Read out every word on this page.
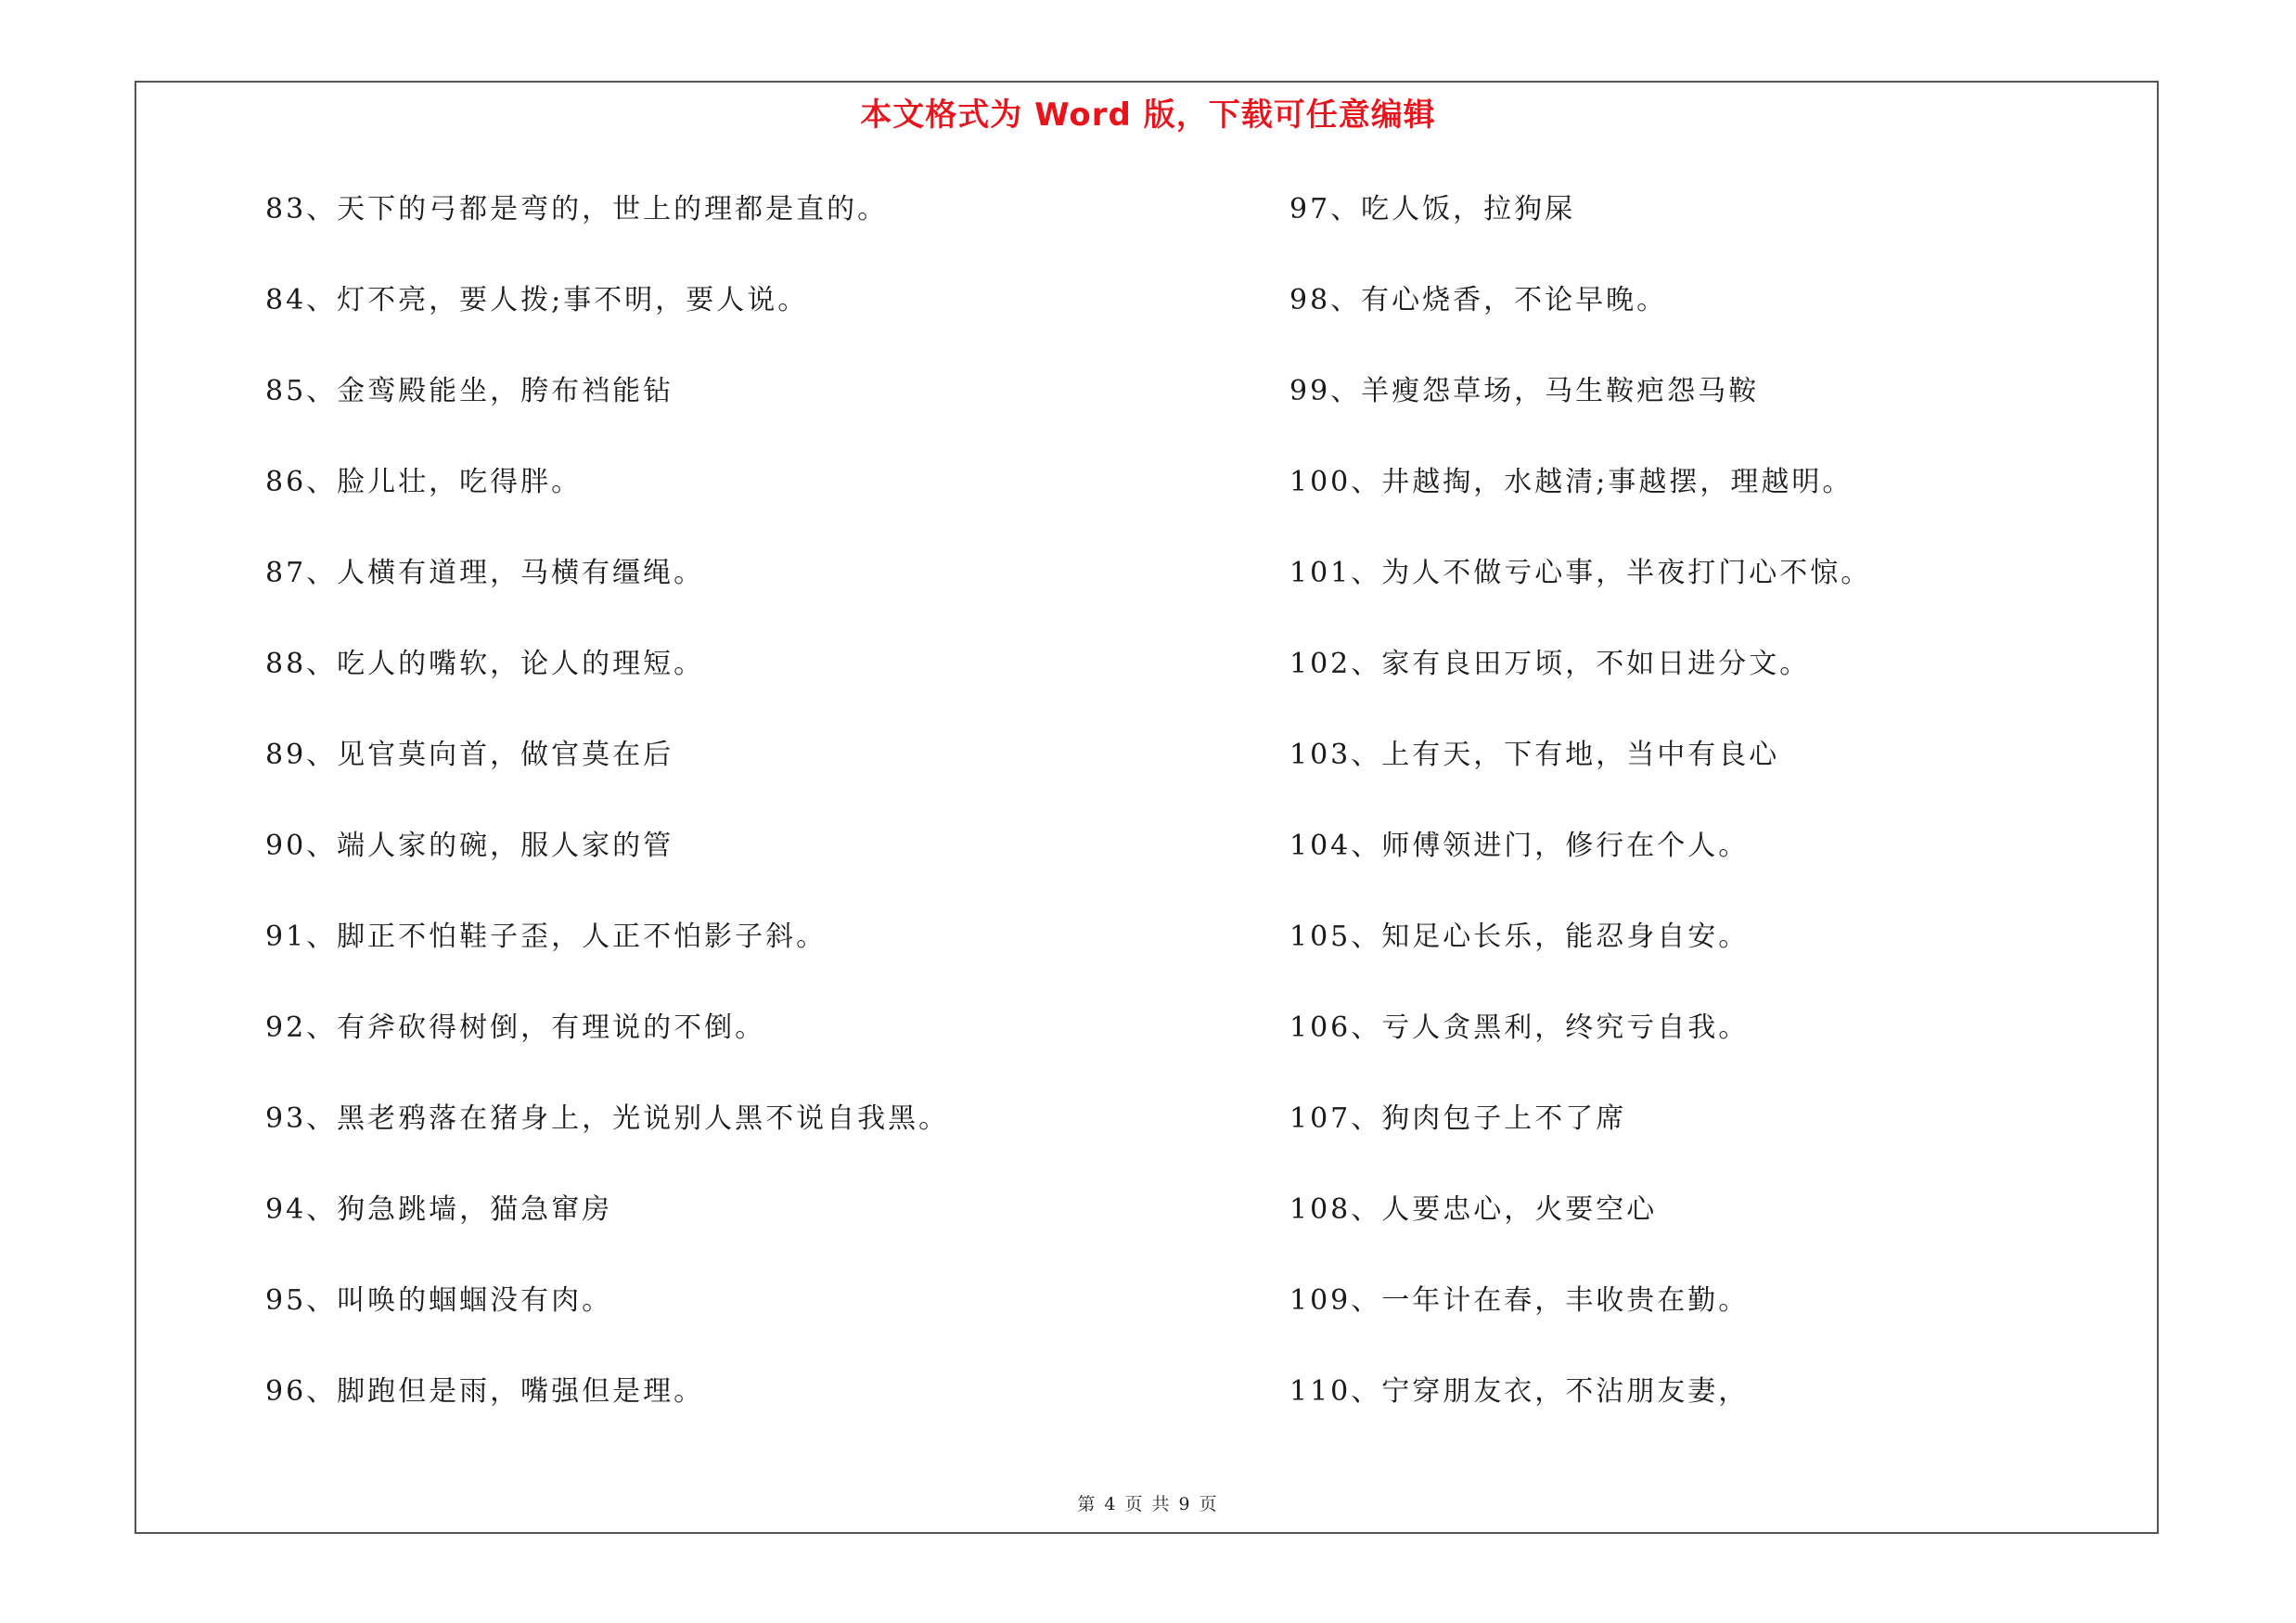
本文格式为 Word 版，下载可任意编辑
83、天下的弓都是弯的，世上的理都是直的。
84、灯不亮，要人拨;事不明，要人说。
85、金鸾殿能坐，胯布裆能钻
86、脸儿壮，吃得胖。
87、人横有道理，马横有缰绳。
88、吃人的嘴软，论人的理短。
89、见官莫向首，做官莫在后
90、端人家的碗，服人家的管
91、脚正不怕鞋子歪，人正不怕影子斜。
92、有斧砍得树倒，有理说的不倒。
93、黑老鸦落在猪身上，光说别人黑不说自我黑。
94、狗急跳墙，猫急窜房
95、叫唤的蝈蝈没有肉。
96、脚跑但是雨，嘴强但是理。
97、吃人饭，拉狗屎
98、有心烧香，不论早晚。
99、羊瘦怨草场，马生鞍疤怨马鞍
100、井越掏，水越清;事越摆，理越明。
101、为人不做亏心事，半夜打门心不惊。
102、家有良田万顷，不如日进分文。
103、上有天，下有地，当中有良心
104、师傅领进门，修行在个人。
105、知足心长乐，能忍身自安。
106、亏人贪黑利，终究亏自我。
107、狗肉包子上不了席
108、人要忠心，火要空心
109、一年计在春，丰收贵在勤。
110、宁穿朋友衣，不沾朋友妻，
第 4 页 共 9 页
